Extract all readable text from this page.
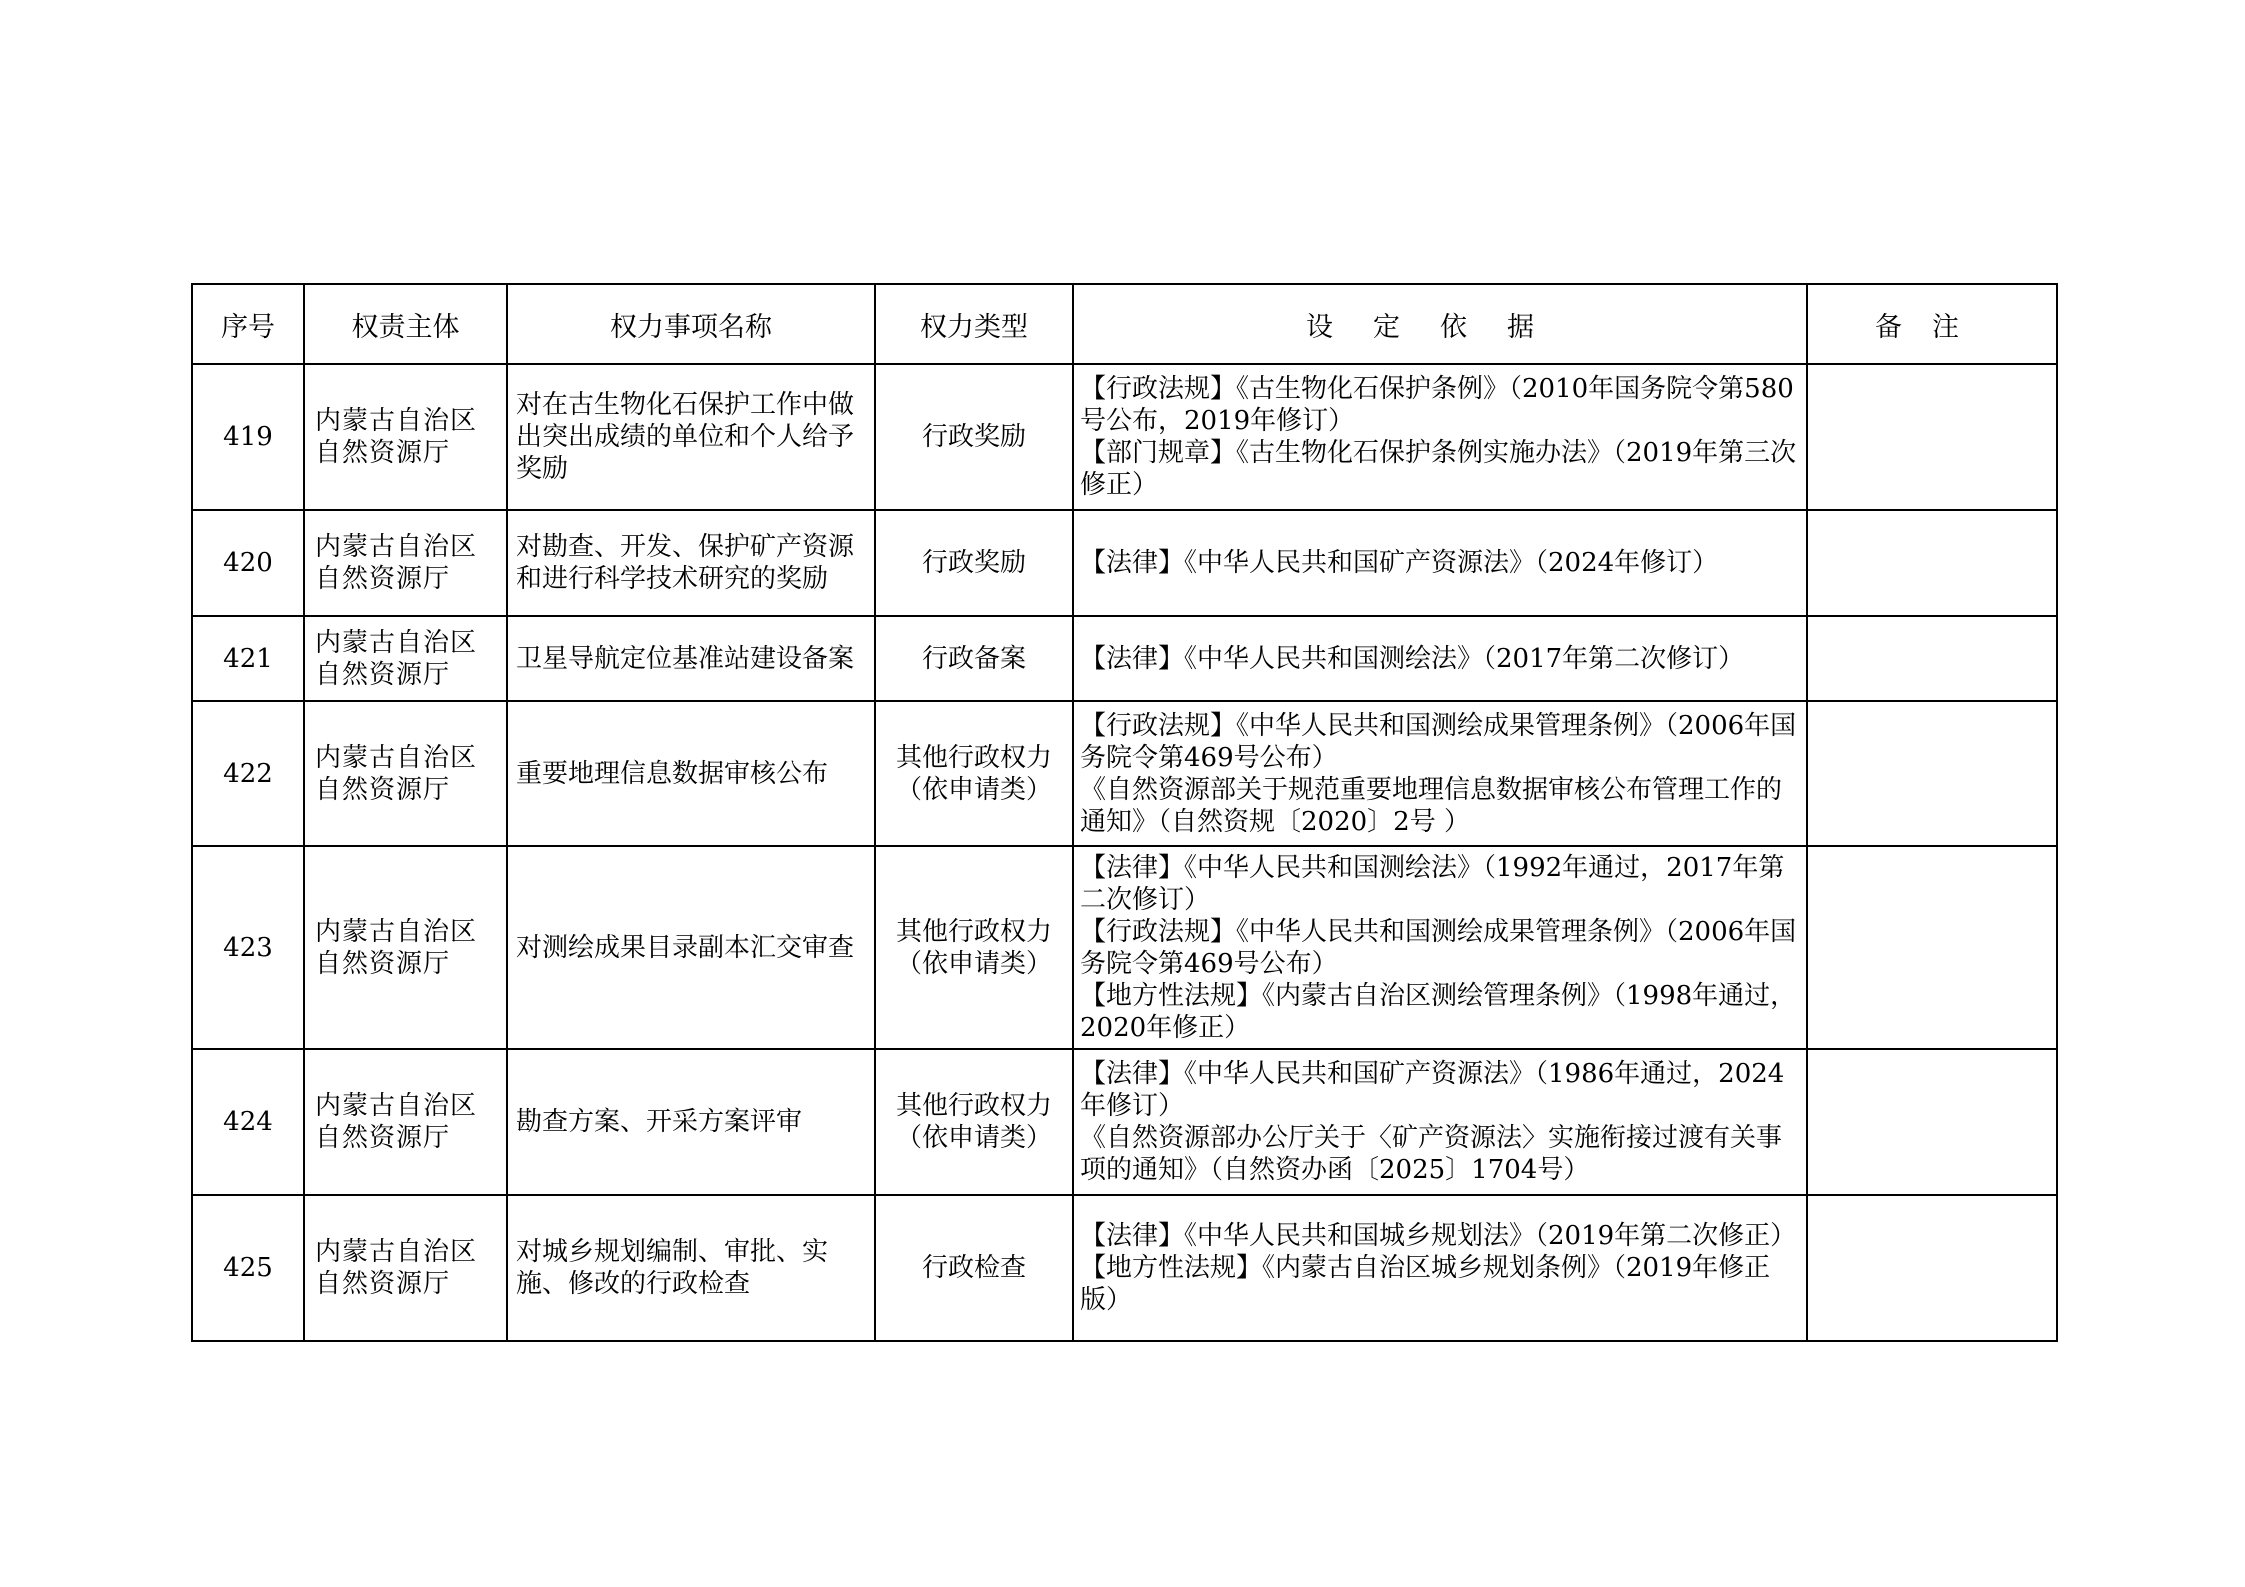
序号	权责主体	权力事项名称	权力类型	设定依据	备注
419	内蒙古自治区自然资源厅	对在古生物化石保护工作中做出突出成绩的单位和个人给予奖励	行政奖励	【行政法规】《古生物化石保护条例》（2010年国务院令第580号公布，2019年修订）
【部门规章】《古生物化石保护条例实施办法》（2019年第三次修正）	

420	内蒙古自治区自然资源厅	对勘查、开发、保护矿产资源和进行科学技术研究的奖励	行政奖励	【法律】《中华人民共和国矿产资源法》（2024年修订）	

421	内蒙古自治区自然资源厅	卫星导航定位基准站建设备案	行政备案	【法律】《中华人民共和国测绘法》（2017年第二次修订）	

422	内蒙古自治区自然资源厅	重要地理信息数据审核公布	其他行政权力
（依申请类）	【行政法规】《中华人民共和国测绘成果管理条例》（2006年国务院令第469号公布）
《自然资源部关于规范重要地理信息数据审核公布管理工作的通知》（自然资规〔2020〕2号 ）	

423	内蒙古自治区自然资源厅	对测绘成果目录副本汇交审查	其他行政权力
（依申请类）	【法律】《中华人民共和国测绘法》（1992年通过，2017年第二次修订）
【行政法规】《中华人民共和国测绘成果管理条例》（2006年国务院令第469号公布）
【地方性法规】《内蒙古自治区测绘管理条例》（1998年通过，2020年修正）	

424	内蒙古自治区自然资源厅	勘查方案、开采方案评审	其他行政权力
（依申请类）	【法律】《中华人民共和国矿产资源法》（1986年通过，2024年修订）
《自然资源部办公厅关于〈矿产资源法〉实施衔接过渡有关事项的通知》（自然资办函〔2025〕1704号）	

425	内蒙古自治区自然资源厅	对城乡规划编制、审批、实施、修改的行政检查	行政检查	【法律】《中华人民共和国城乡规划法》（2019年第二次修正）
【地方性法规】《内蒙古自治区城乡规划条例》（2019年修正版）	
